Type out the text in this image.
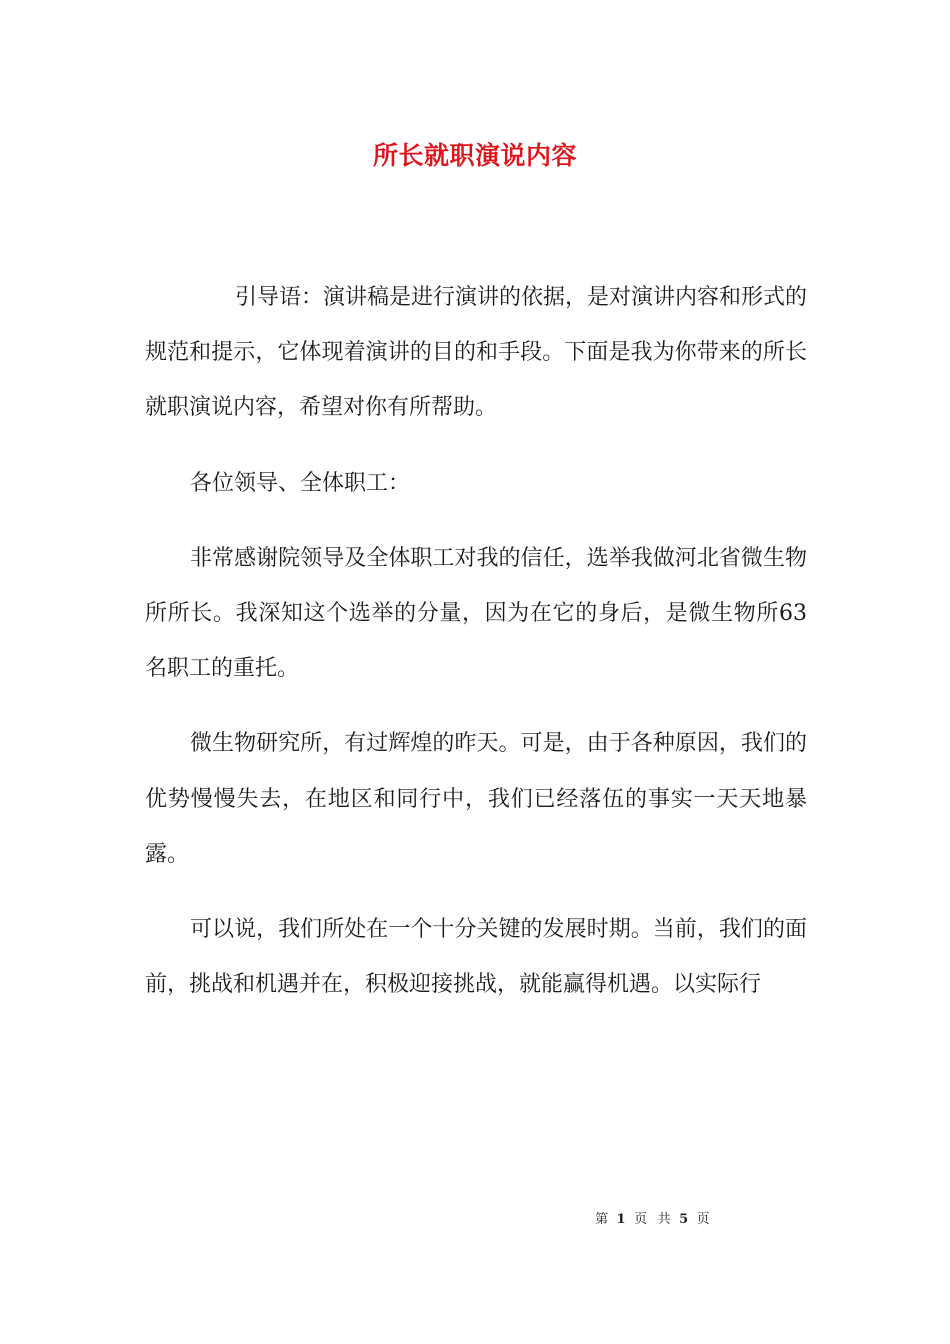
所长就职演说内容

引导语：演讲稿是进行演讲的依据，是对演讲内容和形式的规范和提示，它体现着演讲的目的和手段。下面是我为你带来的所长就职演说内容，希望对你有所帮助。

各位领导、全体职工：

非常感谢院领导及全体职工对我的信任，选举我做河北省微生物所所长。我深知这个选举的分量，因为在它的身后，是微生物所63名职工的重托。

微生物研究所，有过辉煌的昨天。可是，由于各种原因，我们的优势慢慢失去，在地区和同行中，我们已经落伍的事实一天天地暴露。

可以说，我们所处在一个十分关键的发展时期。当前，我们的面前，挑战和机遇并在，积极迎接挑战，就能赢得机遇。以实际行

第 1 页 共 5 页
